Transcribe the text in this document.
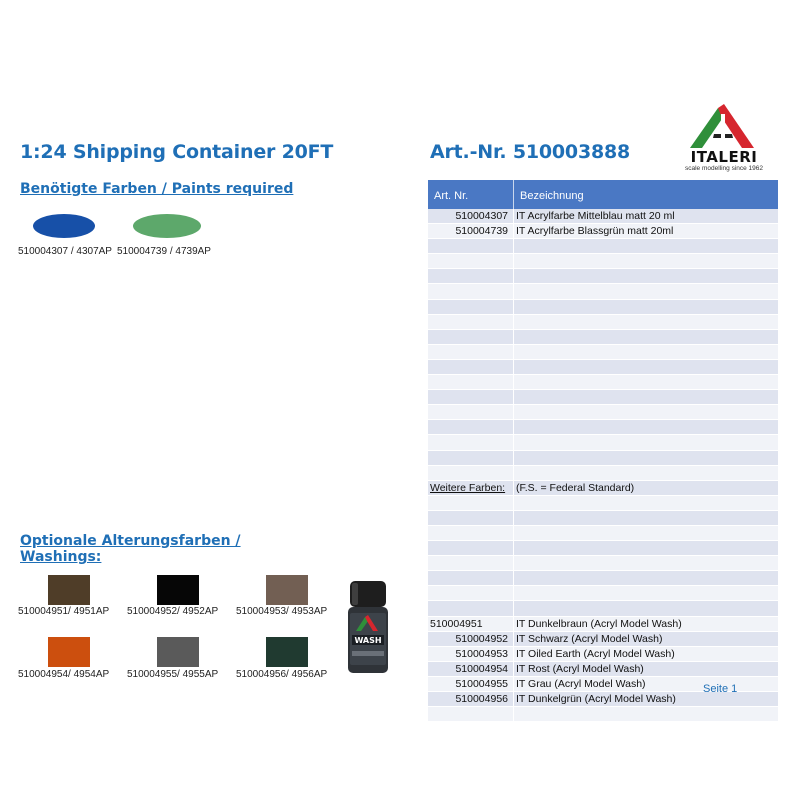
1:24 Shipping Container 20FT	Art.-Nr. 510003888	ITALERI
scale modelling since 1962
Benötigte Farben / Paints required
510004307 / 4307AP 510004739 / 4739AP
Optionale Alterungsfarben /
Washings:
510004951/ 4951AP 510004952/ 4952AP 510004953/ 4953AP
510004954/ 4954AP 510004955/ 4955AP 510004956/ 4956AP
WASH
Art. Nr.	Bezeichnung
510004307 IT Acrylfarbe Mittelblau matt 20 ml
510004739 IT Acrylfarbe Blassgrün matt 20ml
Weitere Farben:	(F.S. = Federal Standard)
510004951	IT Dunkelbraun (Acryl Model Wash)
510004952 IT Schwarz (Acryl Model Wash)
510004953 IT Oiled Earth (Acryl Model Wash)
510004954 IT Rost (Acryl Model Wash)
510004955 IT Grau (Acryl Model Wash)
510004956 IT Dunkelgrün (Acryl Model Wash)
Seite 1
